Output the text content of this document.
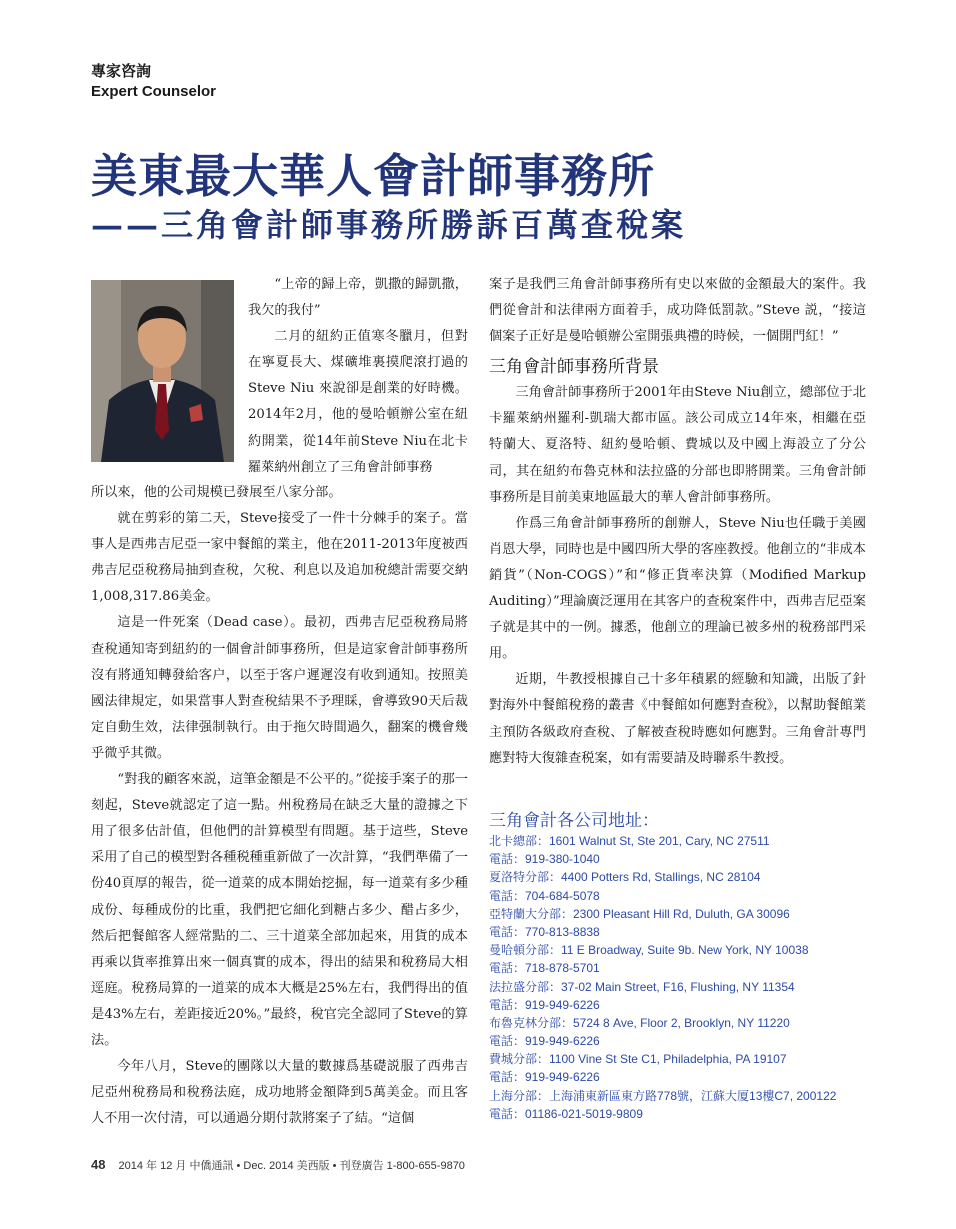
專家咨詢
Expert Counselor
美東最大華人會計師事務所
——三角會計師事務所勝訴百萬查稅案

“上帝的歸上帝，凱撒的歸凱撒，我欠的我付”

二月的紐約正值寒冬臘月，但對在寧夏長大、煤礦堆裏摸爬滾打過的Steve Niu 來說卻是創業的好時機。2014年2月，他的曼哈頓辦公室在紐約開業，從14年前Steve Niu在北卡羅萊納州創立了三角會計師事務

所以來，他的公司規模已發展至八家分部。

就在剪彩的第二天，Steve接受了一件十分棘手的案子。當事人是西弗吉尼亞一家中餐館的業主，他在2011-2013年度被西弗吉尼亞稅務局抽到查稅，欠稅、利息以及追加稅總計需要交納1,008,317.86美金。

這是一件死案（Dead case）。最初，西弗吉尼亞稅務局將查稅通知寄到紐約的一個會計師事務所，但是這家會計師事務所沒有將通知轉發給客户，以至于客户遲遲沒有收到通知。按照美國法律規定，如果當事人對查稅結果不予理睬，會導致90天后裁定自動生效，法律强制執行。由于拖欠時間過久，翻案的機會幾乎微乎其微。

“對我的顧客來説，這筆金額是不公平的。”從接手案子的那一刻起，Steve就認定了這一點。州稅務局在缺乏大量的證據之下用了很多估計值，但他們的計算模型有問題。基于這些，Steve采用了自己的模型對各種税種重新做了一次計算，“我們準備了一份40頁厚的報告，從一道菜的成本開始挖掘，每一道菜有多少種成份、每種成份的比重，我們把它細化到糖占多少、醋占多少，然后把餐館客人經常點的二、三十道菜全部加起來，用貨的成本再乘以貨率推算出來一個真實的成本，得出的結果和稅務局大相逕庭。稅務局算的一道菜的成本大概是25%左右，我們得出的值是43%左右，差距接近20%。”最終，稅官完全認同了Steve的算法。

今年八月，Steve的團隊以大量的數據爲基礎説服了西弗吉尼亞州稅務局和稅務法庭，成功地將金額降到5萬美金。而且客人不用一次付清，可以通過分期付款將案子了結。“這個

案子是我們三角會計師事務所有史以來做的金額最大的案件。我們從會計和法律兩方面着手，成功降低罰款。”Steve 説，“接這個案子正好是曼哈頓辦公室開張典禮的時候，一個開門紅！”

三角會計師事務所背景

三角會計師事務所于2001年由Steve Niu創立，總部位于北卡羅萊納州羅利-凱瑞大都市區。該公司成立14年來，相繼在亞特蘭大、夏洛特、紐約曼哈頓、費城以及中國上海設立了分公司，其在紐約布魯克林和法拉盛的分部也即將開業。三角會計師事務所是目前美東地區最大的華人會計師事務所。

作爲三角會計師事務所的創辦人，Steve Niu也任職于美國肖恩大學，同時也是中國四所大學的客座教授。他創立的“非成本銷貨”（Non-COGS）”和“修正貨率決算（Modified Markup Auditing）”理論廣泛運用在其客户的查稅案件中，西弗吉尼亞案子就是其中的一例。據悉，他創立的理論已被多州的稅務部門采用。

近期，牛教授根據自己十多年積累的經驗和知識，出版了針對海外中餐館稅務的叢書《中餐館如何應對查稅》，以幫助餐館業主預防各級政府查稅、了解被查稅時應如何應對。三角會計專門應對特大復雜查税案，如有需要請及時聯系牛教授。

三角會計各公司地址：
北卡總部：1601 Walnut St, Ste 201, Cary, NC 27511
電話：919-380-1040
夏洛特分部：4400 Potters Rd, Stallings, NC 28104
電話：704-684-5078
亞特蘭大分部：2300 Pleasant Hill Rd, Duluth, GA 30096
電話：770-813-8838
曼哈頓分部：11 E Broadway, Suite 9b. New York, NY 10038
電話：718-878-5701
法拉盛分部：37-02 Main Street, F16, Flushing, NY 11354
電話：919-949-6226
布魯克林分部：5724 8 Ave, Floor 2, Brooklyn, NY 11220
電話：919-949-6226
費城分部：1100 Vine St Ste C1, Philadelphia, PA 19107
電話：919-949-6226
上海分部：上海浦東新區東方路778號，江蘇大厦13樓C7, 200122
電話：01186-021-5019-9809
48 2014 年 12 月 中僑通訊 • Dec. 2014 美西版 • 刊登廣告 1-800-655-9870
